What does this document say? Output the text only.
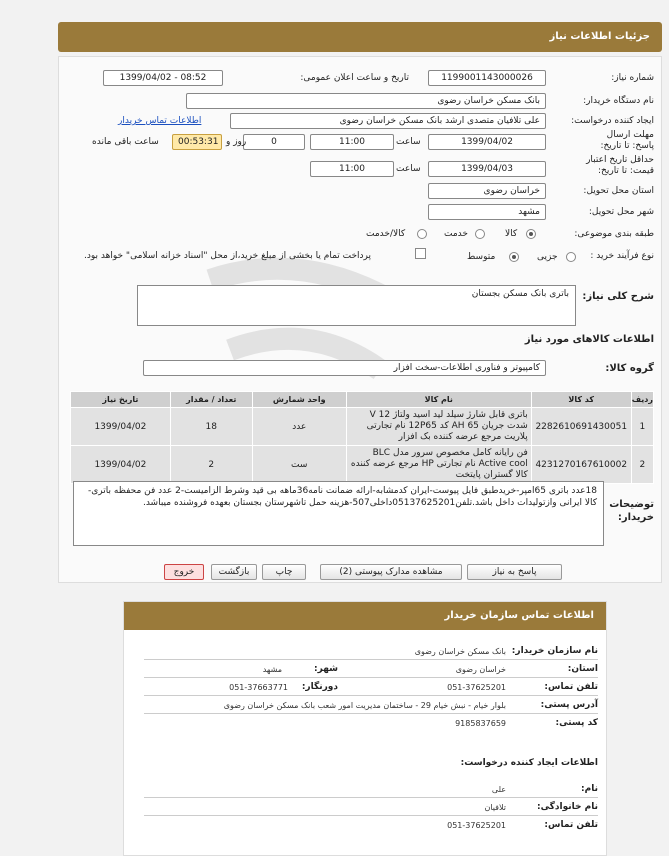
جزئیات اطلاعات نیاز
شماره نیاز:
1199001143000026
تاریخ و ساعت اعلان عمومی:
1399/04/02 - 08:52
نام دستگاه خریدار:
بانک مسکن خراسان رضوی
ایجاد کننده درخواست:
علی تلافیان متصدی ارشد بانک مسکن خراسان رضوی
اطلاعات تماس خریدار
مهلت ارسال پاسخ: تا تاریخ:
1399/04/02
ساعت
11:00
0
روز و
00:53:31
ساعت باقی مانده
حداقل تاریخ اعتبار قیمت: تا تاریخ:
1399/04/03
ساعت
11:00
استان محل تحویل:
خراسان رضوی
شهر محل تحویل:
مشهد
طبقه بندی موضوعی:
کالا
خدمت
کالا/خدمت
نوع فرآیند خرید :
جزیی
متوسط
پرداخت تمام یا بخشی از مبلغ خرید،از محل "اسناد خزانه اسلامی" خواهد بود.
شرح کلی نیاز:
باتری بانک مسکن بجستان
اطلاعات کالاهای مورد نیاز
گروه کالا:
کامپیوتر و فناوری اطلاعات-سخت افزار
ردیف	کد کالا	نام کالا	واحد شمارش	تعداد / مقدار	تاریخ نیاز
1	2282610691430051	باتری قابل شارژ سیلد لید اسید ولتاژ 12 V شدت جریان 65 AH کد 12P65 نام تجارتی پلاریت مرجع عرضه کننده بک افزار	عدد	18	1399/04/02
2	4231270167610002	فن رایانه کامل مخصوص سرور مدل BLC Active cool نام تجارتی HP مرجع عرضه کننده کالا گستران پایتخت	ست	2	1399/04/02
توضیحات خریدار:
18عدد باتری 65امپر-خریدطبق فایل پیوست-ایران کدمشابه-ارائه ضمانت نامه36ماهه بی قید وشرط الزامیست-2 عدد فن محفظه باتری-کالا ایرانی وازتولیدات داخل باشد.تلفن05137625201داخلی507-هزینه حمل تاشهرستان بجستان بعهده فروشنده میباشد.
پاسخ به نیاز
مشاهده مدارک پیوستی (2)
چاپ
بازگشت
خروج
اطلاعات تماس سازمان خریدار
نام سازمان خریدار:
بانک مسکن خراسان رضوی
استان:
خراسان رضوی
شهر:
مشهد
تلفن تماس:
051-37625201
دورنگار:
051-37663771
آدرس پستی:
بلوار خیام - نبش خیام 29 - ساختمان مدیریت امور شعب بانک مسکن خراسان رضوی
کد پستی:
9185837659
اطلاعات ایجاد کننده درخواست:
نام:
علی
نام خانوادگی:
تلافیان
تلفن تماس:
051-37625201
